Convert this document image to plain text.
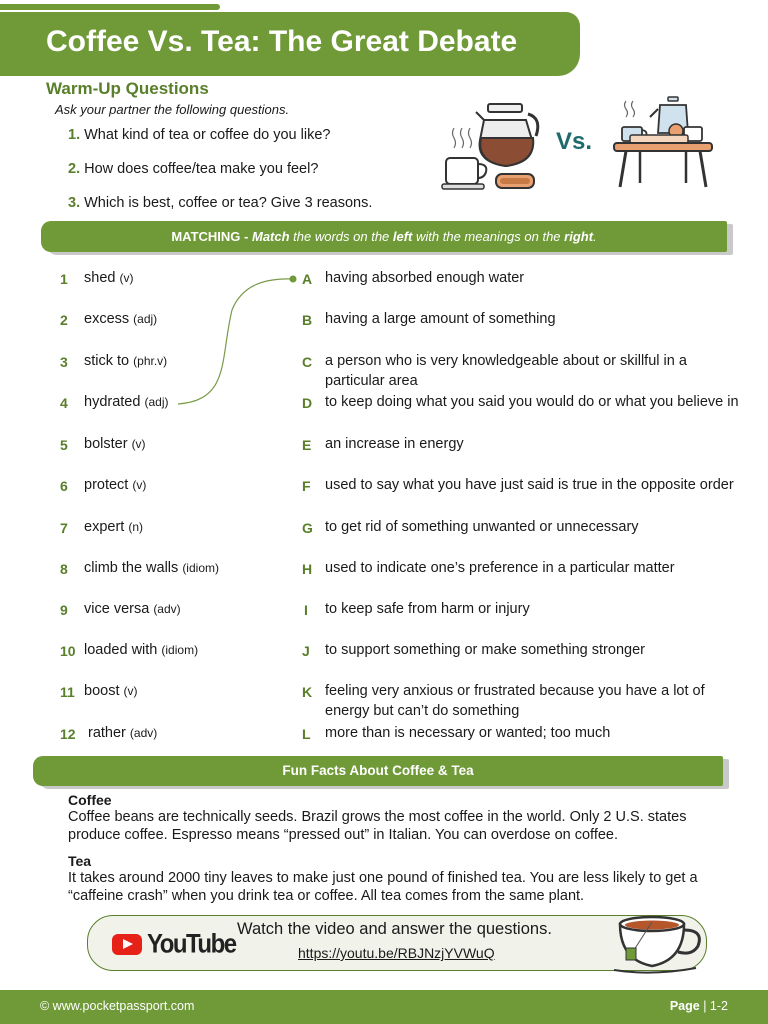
Coffee Vs. Tea: The Great Debate
Warm-Up Questions
Ask your partner the following questions.
1. What kind of tea or coffee do you like?
2. How does coffee/tea make you feel?
3. Which is best, coffee or tea? Give 3 reasons.
Vs.
MATCHING - Match the words on the left with the meanings on the right.
1 shed (v)
2 excess (adj)
3 stick to (phr.v)
4 hydrated (adj)
5 bolster (v)
6 protect (v)
7 expert (n)
8 climb the walls (idiom)
9 vice versa (adv)
10 loaded with (idiom)
11 boost (v)
12 rather (adv)
A having absorbed enough water
B having a large amount of something
C a person who is very knowledgeable about or skillful in a particular area
D to keep doing what you said you would do or what you believe in
E an increase in energy
F used to say what you have just said is true in the opposite order
G to get rid of something unwanted or unnecessary
H used to indicate one’s preference in a particular matter
I to keep safe from harm or injury
J to support something or make something stronger
K feeling very anxious or frustrated because you have a lot of energy but can’t do something
L more than is necessary or wanted; too much
Fun Facts About Coffee & Tea
Coffee
Coffee beans are technically seeds. Brazil grows the most coffee in the world. Only 2 U.S. states produce coffee. Espresso means “pressed out” in Italian. You can overdose on coffee.
Tea
It takes around 2000 tiny leaves to make just one pound of finished tea. You are less likely to get a “caffeine crash” when you drink tea or coffee. All tea comes from the same plant.
YouTube
Watch the video and answer the questions.
https://youtu.be/RBJNzjYVWuQ
© www.pocketpassport.com	Page | 1-2
